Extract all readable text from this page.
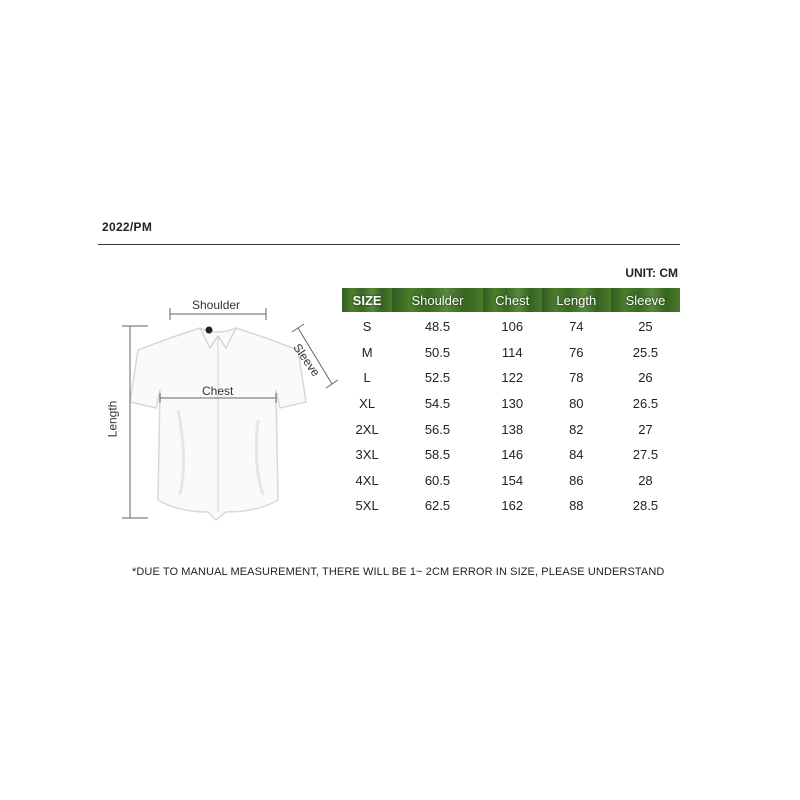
2022/PM
UNIT: CM
Shoulder
Chest
Length
Sleeve
SIZE	Shoulder	Chest	Length	Sleeve
S	48.5	106	74	25
M	50.5	114	76	25.5
L	52.5	122	78	26
XL	54.5	130	80	26.5
2XL	56.5	138	82	27
3XL	58.5	146	84	27.5
4XL	60.5	154	86	28
5XL	62.5	162	88	28.5
*DUE TO MANUAL MEASUREMENT, THERE WILL BE 1~ 2CM ERROR IN SIZE, PLEASE UNDERSTAND
